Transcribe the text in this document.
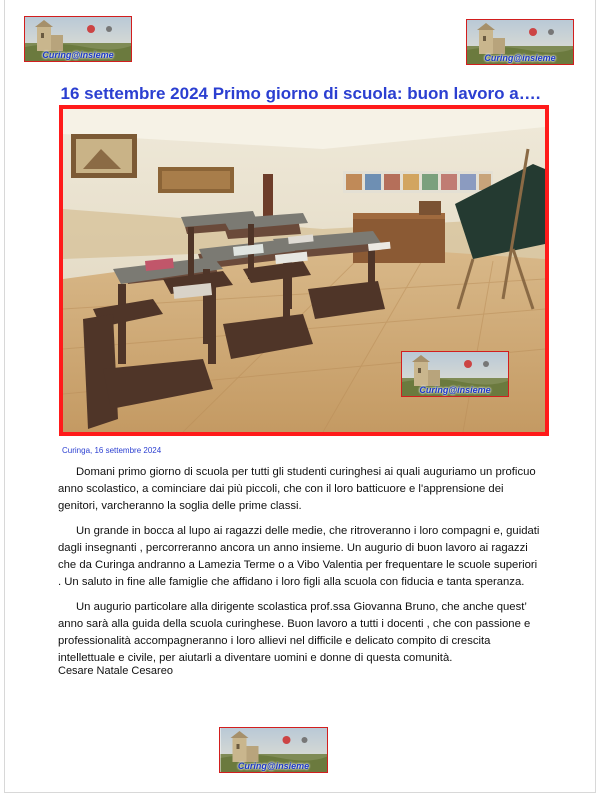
Curing@insieme	Curing@insieme
16 settembre 2024 Primo giorno di scuola: buon lavoro a….
Curing@insieme
Curinga, 16 settembre 2024

Domani primo giorno di scuola per tutti gli studenti curinghesi ai quali auguriamo un proficuo anno scolastico, a cominciare dai più piccoli, che con il loro batticuore e l'apprensione dei genitori, varcheranno la soglia delle prime classi.

Un grande in bocca al lupo ai ragazzi delle medie, che ritroveranno i loro compagni e, guidati dagli insegnanti , percorreranno ancora un anno insieme. Un augurio di buon lavoro ai ragazzi che da Curinga andranno a Lamezia Terme o a Vibo Valentia per frequentare le scuole superiori . Un saluto in fine alle famiglie che affidano i loro figli alla scuola con fiducia e tanta speranza.

Un augurio particolare alla dirigente scolastica prof.ssa Giovanna Bruno, che anche quest’ anno sarà alla guida della scuola curinghese. Buon lavoro a tutti i docenti , che con passione e professionalità accompagneranno i loro allievi nel difficile e delicato compito di crescita intellettuale e civile, per aiutarli a diventare uomini e donne di questa comunità.

Cesare Natale Cesareo
Curing@insieme
